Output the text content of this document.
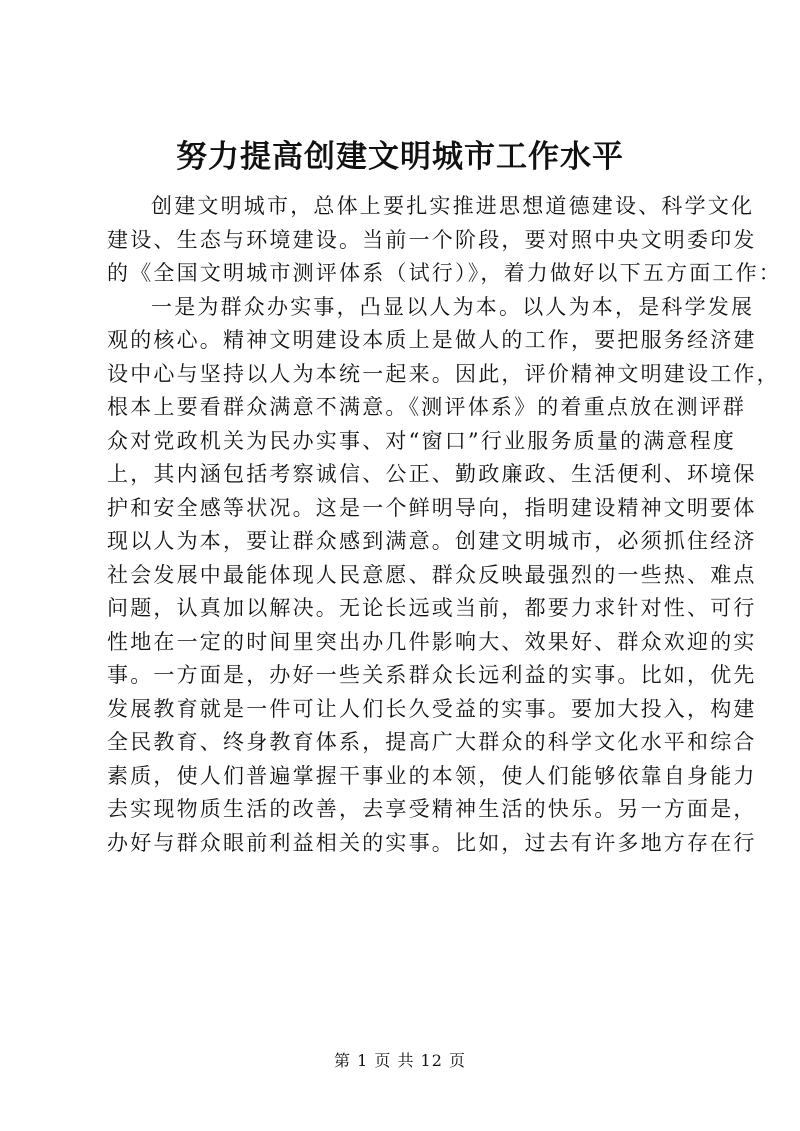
努力提高创建文明城市工作水平
创建文明城市，总体上要扎实推进思想道德建设、科学文化
建设、生态与环境建设。当前一个阶段，要对照中央文明委印发
的《全国文明城市测评体系（试行）》，着力做好以下五方面工作：
一是为群众办实事，凸显以人为本。以人为本，是科学发展
观的核心。精神文明建设本质上是做人的工作，要把服务经济建
设中心与坚持以人为本统一起来。因此，评价精神文明建设工作，
根本上要看群众满意不满意。《测评体系》的着重点放在测评群
众对党政机关为民办实事、对“窗口”行业服务质量的满意程度
上，其内涵包括考察诚信、公正、勤政廉政、生活便利、环境保
护和安全感等状况。这是一个鲜明导向，指明建设精神文明要体
现以人为本，要让群众感到满意。创建文明城市，必须抓住经济
社会发展中最能体现人民意愿、群众反映最强烈的一些热、难点
问题，认真加以解决。无论长远或当前，都要力求针对性、可行
性地在一定的时间里突出办几件影响大、效果好、群众欢迎的实
事。一方面是，办好一些关系群众长远利益的实事。比如，优先
发展教育就是一件可让人们长久受益的实事。要加大投入，构建
全民教育、终身教育体系，提高广大群众的科学文化水平和综合
素质，使人们普遍掌握干事业的本领，使人们能够依靠自身能力
去实现物质生活的改善，去享受精神生活的快乐。另一方面是，
办好与群众眼前利益相关的实事。比如，过去有许多地方存在行
第 1 页 共 12 页
